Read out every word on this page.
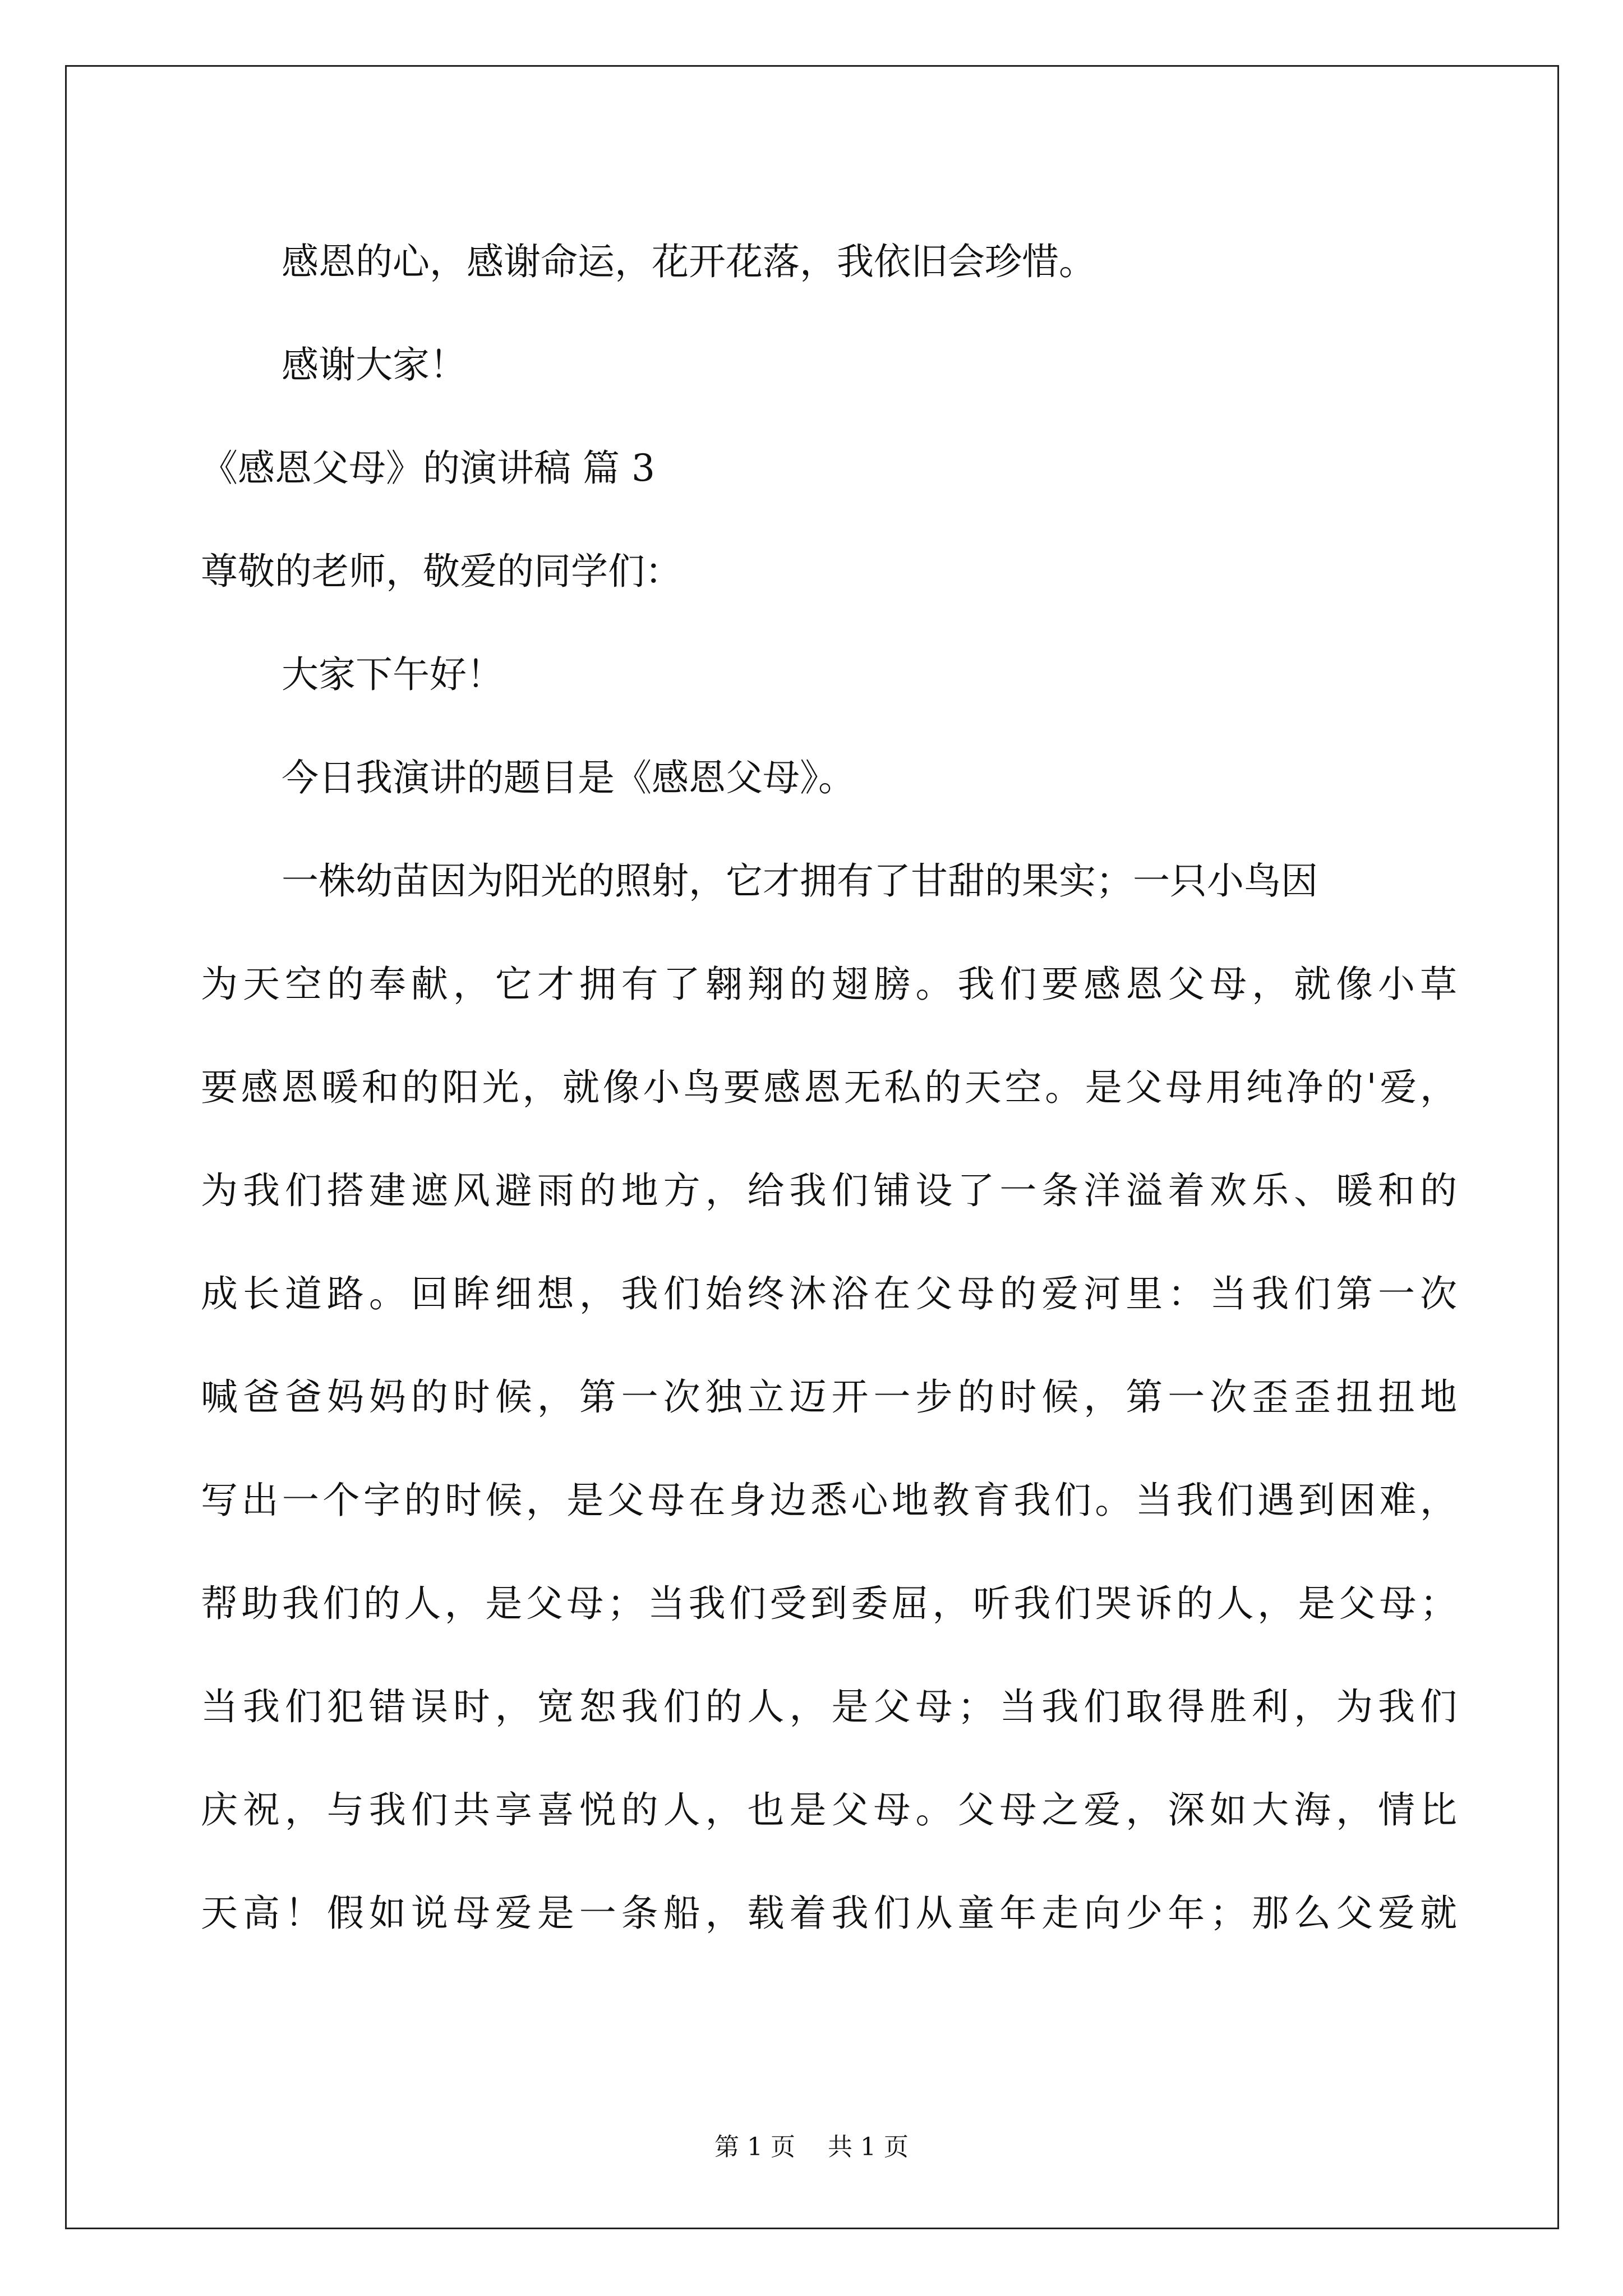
感恩的心，感谢命运，花开花落，我依旧会珍惜。
感谢大家！
《感恩父母》的演讲稿 篇 3
尊敬的老师，敬爱的同学们：
大家下午好！
今日我演讲的题目是《感恩父母》。
一株幼苗因为阳光的照射，它才拥有了甘甜的果实；一只小鸟因
为天空的奉献，它才拥有了翱翔的翅膀。我们要感恩父母，就像小草
要感恩暖和的阳光，就像小鸟要感恩无私的天空。是父母用纯净的'爱，
为我们搭建遮风避雨的地方，给我们铺设了一条洋溢着欢乐、暖和的
成长道路。回眸细想，我们始终沐浴在父母的爱河里：当我们第一次
喊爸爸妈妈的时候，第一次独立迈开一步的时候，第一次歪歪扭扭地
写出一个字的时候，是父母在身边悉心地教育我们。当我们遇到困难，
帮助我们的人，是父母；当我们受到委屈，听我们哭诉的人，是父母；
当我们犯错误时，宽恕我们的人，是父母；当我们取得胜利，为我们
庆祝，与我们共享喜悦的人，也是父母。父母之爱，深如大海，情比
天高！假如说母爱是一条船，载着我们从童年走向少年；那么父爱就
第 1 页 共 1 页
